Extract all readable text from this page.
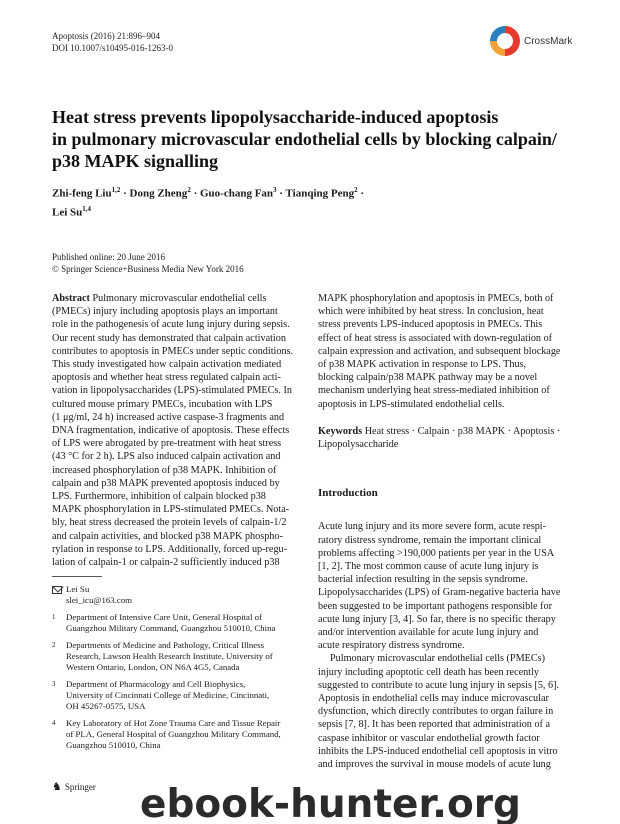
Apoptosis (2016) 21:896–904
DOI 10.1007/s10495-016-1263-0
CrossMark
Heat stress prevents lipopolysaccharide-induced apoptosis
in pulmonary microvascular endothelial cells by blocking calpain/
p38 MAPK signalling
Zhi-feng Liu$^{1,2}$ · Dong Zheng$^2$ · Guo-chang Fan$^3$ · Tianqing Peng$^2$ ·
Lei Su$^{1,4}$
Published online: 20 June 2016
© Springer Science+Business Media New York 2016
Abstract Pulmonary microvascular endothelial cells
(PMECs) injury including apoptosis plays an important
role in the pathogenesis of acute lung injury during sepsis.
Our recent study has demonstrated that calpain activation
contributes to apoptosis in PMECs under septic conditions.
This study investigated how calpain activation mediated
apoptosis and whether heat stress regulated calpain acti-
vation in lipopolysaccharides (LPS)-stimulated PMECs. In
cultured mouse primary PMECs, incubation with LPS
(1 μg/ml, 24 h) increased active caspase-3 fragments and
DNA fragmentation, indicative of apoptosis. These effects
of LPS were abrogated by pre-treatment with heat stress
(43 °C for 2 h). LPS also induced calpain activation and
increased phosphorylation of p38 MAPK. Inhibition of
calpain and p38 MAPK prevented apoptosis induced by
LPS. Furthermore, inhibition of calpain blocked p38
MAPK phosphorylation in LPS-stimulated PMECs. Nota-
bly, heat stress decreased the protein levels of calpain-1/2
and calpain activities, and blocked p38 MAPK phospho-
rylation in response to LPS. Additionally, forced up-regu-
lation of calpain-1 or calpain-2 sufficiently induced p38
MAPK phosphorylation and apoptosis in PMECs, both of
which were inhibited by heat stress. In conclusion, heat
stress prevents LPS-induced apoptosis in PMECs. This
effect of heat stress is associated with down-regulation of
calpain expression and activation, and subsequent blockage
of p38 MAPK activation in response to LPS. Thus,
blocking calpain/p38 MAPK pathway may be a novel
mechanism underlying heat stress-mediated inhibition of
apoptosis in LPS-stimulated endothelial cells.
Keywords Heat stress · Calpain · p38 MAPK · Apoptosis ·
Lipopolysaccharide
Introduction
Acute lung injury and its more severe form, acute respi-
ratory distress syndrome, remain the important clinical
problems affecting >190,000 patients per year in the USA
[1, 2]. The most common cause of acute lung injury is
bacterial infection resulting in the sepsis syndrome.
Lipopolysaccharides (LPS) of Gram-negative bacteria have
been suggested to be important pathogens responsible for
acute lung injury [3, 4]. So far, there is no specific therapy
and/or intervention available for acute lung injury and
acute respiratory distress syndrome.
Pulmonary microvascular endothelial cells (PMECs)
injury including apoptotic cell death has been recently
suggested to contribute to acute lung injury in sepsis [5, 6].
Apoptosis in endothelial cells may induce microvascular
dysfunction, which directly contributes to organ failure in
sepsis [7, 8]. It has been reported that administration of a
caspase inhibitor or vascular endothelial growth factor
inhibits the LPS-induced endothelial cell apoptosis in vitro
and improves the survival in mouse models of acute lung
Lei Su
slei_icu@163.com
1	Department of Intensive Care Unit, General Hospital of
Guangzhou Military Command, Guangzhou 510010, China
2	Departments of Medicine and Pathology, Critical Illness
Research, Lawson Health Research Institute, University of
Western Ontario, London, ON N6A 4G5, Canada
3	Department of Pharmacology and Cell Biophysics,
University of Cincinnati College of Medicine, Cincinnati,
OH 45267-0575, USA
4	Key Laboratory of Hot Zone Trauma Care and Tissue Repair
of PLA, General Hospital of Guangzhou Military Command,
Guangzhou 510010, China
♞ Springer ebook-hunter.org
